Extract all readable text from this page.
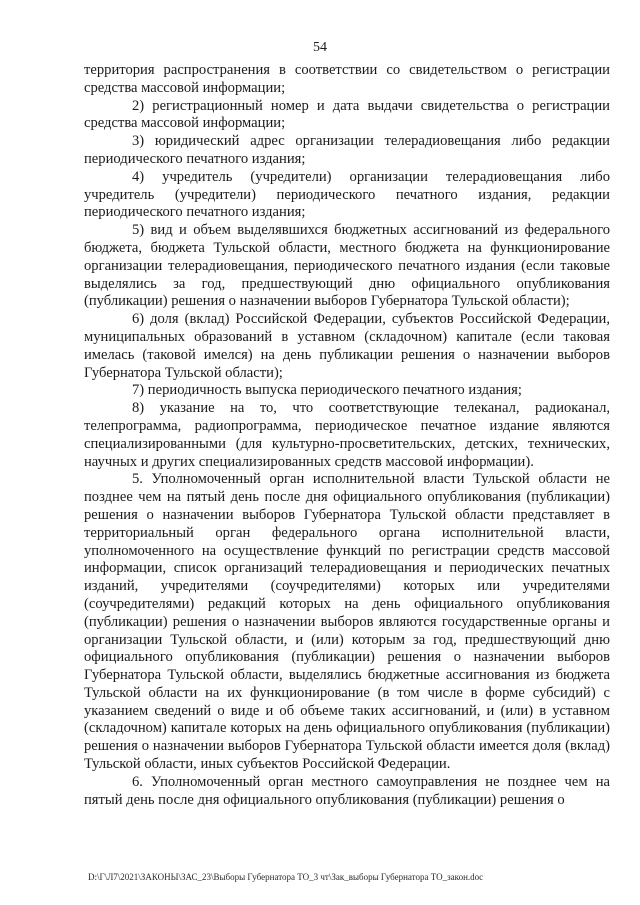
54

территория распространения в соответствии со свидетельством о регистрации средства массовой информации;

2) регистрационный номер и дата выдачи свидетельства о регистрации средства массовой информации;

3) юридический адрес организации телерадиовещания либо редакции периодического печатного издания;

4) учредитель (учредители) организации телерадиовещания либо учредитель (учредители) периодического печатного издания, редакции периодического печатного издания;

5) вид и объем выделявшихся бюджетных ассигнований из федерального бюджета, бюджета Тульской области, местного бюджета на функционирование организации телерадиовещания, периодического печатного издания (если таковые выделялись за год, предшествующий дню официального опубликования (публикации) решения о назначении выборов Губернатора Тульской области);

6) доля (вклад) Российской Федерации, субъектов Российской Федерации, муниципальных образований в уставном (складочном) капитале (если таковая имелась (таковой имелся) на день публикации решения о назначении выборов Губернатора Тульской области);

7) периодичность выпуска периодического печатного издания;

8) указание на то, что соответствующие телеканал, радиоканал, телепрограмма, радиопрограмма, периодическое печатное издание являются специализированными (для культурно-просветительских, детских, технических, научных и других специализированных средств массовой информации).

5. Уполномоченный орган исполнительной власти Тульской области не позднее чем на пятый день после дня официального опубликования (публикации) решения о назначении выборов Губернатора Тульской области представляет в территориальный орган федерального органа исполнительной власти, уполномоченного на осуществление функций по регистрации средств массовой информации, список организаций телерадиовещания и периодических печатных изданий, учредителями (соучредителями) которых или учредителями (соучредителями) редакций которых на день официального опубликования (публикации) решения о назначении выборов являются государственные органы и организации Тульской области, и (или) которым за год, предшествующий дню официального опубликования (публикации) решения о назначении выборов Губернатора Тульской области, выделялись бюджетные ассигнования из бюджета Тульской области на их функционирование (в том числе в форме субсидий) с указанием сведений о виде и об объеме таких ассигнований, и (или) в уставном (складочном) капитале которых на день официального опубликования (публикации) решения о назначении выборов Губернатора Тульской области имеется доля (вклад) Тульской области, иных субъектов Российской Федерации.

6. Уполномоченный орган местного самоуправления не позднее чем на пятый день после дня официального опубликования (публикации) решения о

D:\Г\Л7\2021\ЗАКОНЫ\ЗАС_23\Выборы Губернатора ТО_3 чт\Зак_выборы Губернатора ТО_закон.doc
